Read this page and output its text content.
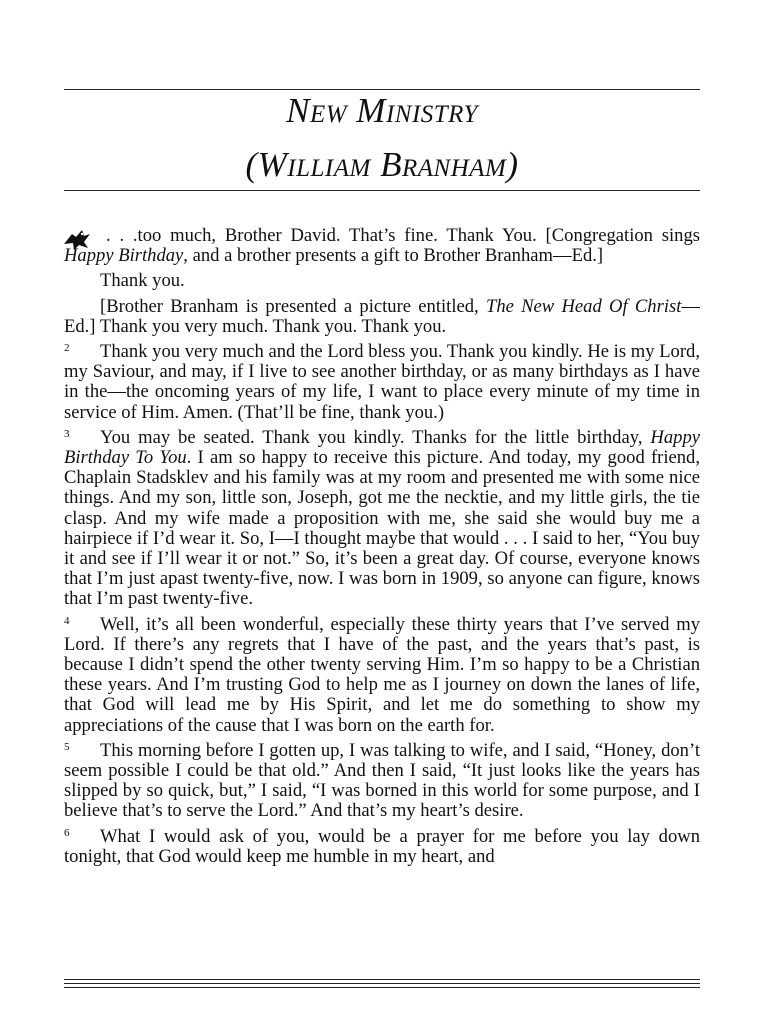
New Ministry

(William Branham)

. . .too much, Brother David. That’s fine. Thank You. [Congregation sings Happy Birthday, and a brother presents a gift to Brother Branham—Ed.]

Thank you.

[Brother Branham is presented a picture entitled, The New Head Of Christ—Ed.] Thank you very much. Thank you. Thank you.

2 Thank you very much and the Lord bless you. Thank you kindly. He is my Lord, my Saviour, and may, if I live to see another birthday, or as many birthdays as I have in the—the oncoming years of my life, I want to place every minute of my time in service of Him. Amen. (That’ll be fine, thank you.)

3 You may be seated. Thank you kindly. Thanks for the little birthday, Happy Birthday To You. I am so happy to receive this picture. And today, my good friend, Chaplain Stadsklev and his family was at my room and presented me with some nice things. And my son, little son, Joseph, got me the necktie, and my little girls, the tie clasp. And my wife made a proposition with me, she said she would buy me a hairpiece if I’d wear it. So, I—I thought maybe that would . . . I said to her, “You buy it and see if I’ll wear it or not.” So, it’s been a great day. Of course, everyone knows that I’m just apast twenty-five, now. I was born in 1909, so anyone can figure, knows that I’m past twenty-five.

4 Well, it’s all been wonderful, especially these thirty years that I’ve served my Lord. If there’s any regrets that I have of the past, and the years that’s past, is because I didn’t spend the other twenty serving Him. I’m so happy to be a Christian these years. And I’m trusting God to help me as I journey on down the lanes of life, that God will lead me by His Spirit, and let me do something to show my appreciations of the cause that I was born on the earth for.

5 This morning before I gotten up, I was talking to wife, and I said, “Honey, don’t seem possible I could be that old.” And then I said, “It just looks like the years has slipped by so quick, but,” I said, “I was borned in this world for some purpose, and I believe that’s to serve the Lord.” And that’s my heart’s desire.

6 What I would ask of you, would be a prayer for me before you lay down tonight, that God would keep me humble in my heart, and
